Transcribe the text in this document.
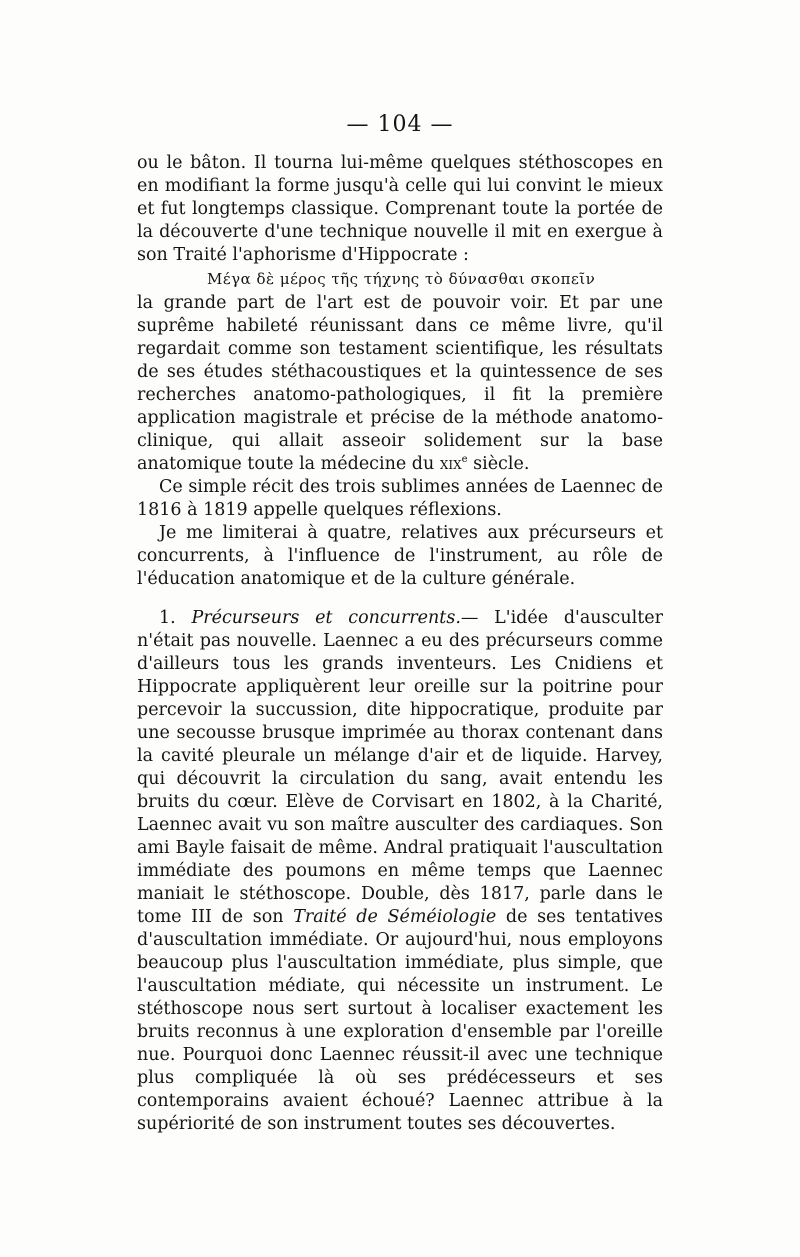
— 104 —

ou le bâton. Il tourna lui-même quelques stéthoscopes en en modifiant la forme jusqu'à celle qui lui convint le mieux et fut longtemps classique. Comprenant toute la portée de la découverte d'une technique nouvelle il mit en exergue à son Traité l'aphorisme d'Hippocrate :

Μέγα δὲ μέρος τῆς τήχνης τὸ δύνασθαι σκοπεῖν

la grande part de l'art est de pouvoir voir. Et par une suprême habileté réunissant dans ce même livre, qu'il regardait comme son testament scientifique, les résultats de ses études stéthacoustiques et la quintessence de ses recherches anatomo-pathologiques, il fit la première application magistrale et précise de la méthode anatomo-clinique, qui allait asseoir solidement sur la base anatomique toute la médecine du xix$^e$ siècle.

Ce simple récit des trois sublimes années de Laennec de 1816 à 1819 appelle quelques réflexions.

Je me limiterai à quatre, relatives aux précurseurs et concurrents, à l'influence de l'instrument, au rôle de l'éducation anatomique et de la culture générale.

1. Précurseurs et concurrents.— L'idée d'ausculter n'était pas nouvelle. Laennec a eu des précurseurs comme d'ailleurs tous les grands inventeurs. Les Cnidiens et Hippocrate appliquèrent leur oreille sur la poitrine pour percevoir la succussion, dite hippocratique, produite par une secousse brusque imprimée au thorax contenant dans la cavité pleurale un mélange d'air et de liquide. Harvey, qui découvrit la circulation du sang, avait entendu les bruits du cœur. Elève de Corvisart en 1802, à la Charité, Laennec avait vu son maître ausculter des cardiaques. Son ami Bayle faisait de même. Andral pratiquait l'auscultation immédiate des poumons en même temps que Laennec maniait le stéthoscope. Double, dès 1817, parle dans le tome III de son Traité de Séméiologie de ses tentatives d'auscultation immédiate. Or aujourd'hui, nous employons beaucoup plus l'auscultation immédiate, plus simple, que l'auscultation médiate, qui nécessite un instrument. Le stéthoscope nous sert surtout à localiser exactement les bruits reconnus à une exploration d'ensemble par l'oreille nue. Pourquoi donc Laennec réussit-il avec une technique plus compliquée là où ses prédécesseurs et ses contemporains avaient échoué? Laennec attribue à la supériorité de son instrument toutes ses découvertes.
